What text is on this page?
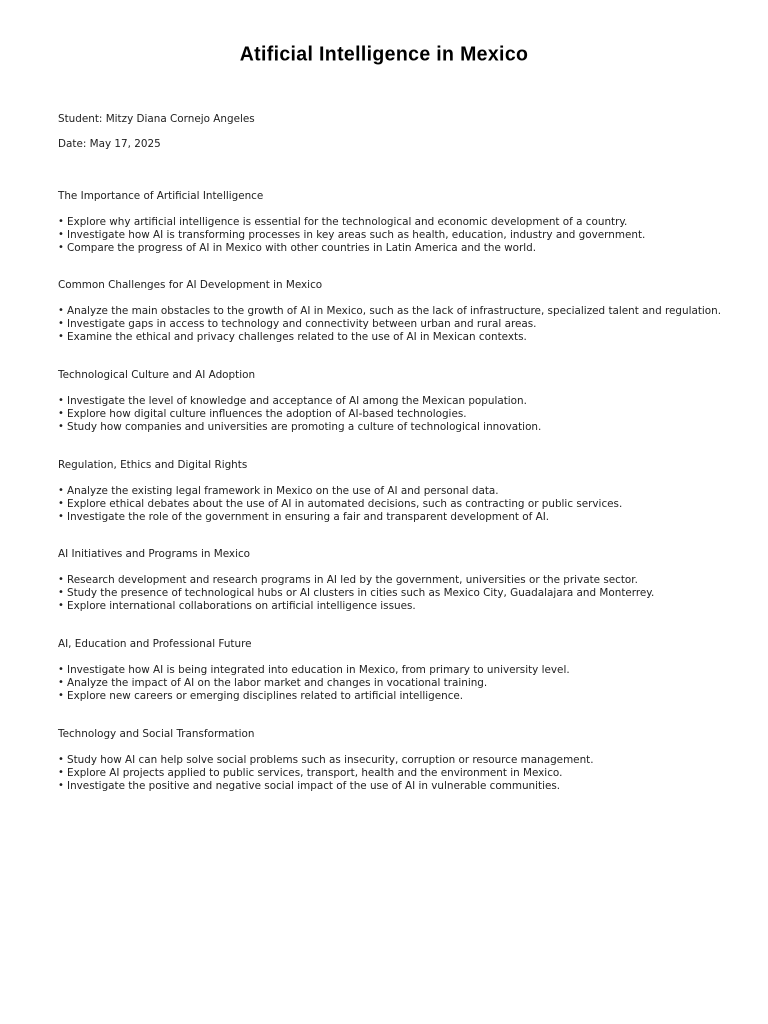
Atificial Intelligence in Mexico
Student: Mitzy Diana Cornejo Angeles
Date: May 17, 2025
The Importance of Artificial Intelligence
• Explore why artificial intelligence is essential for the technological and economic development of a country.
• Investigate how AI is transforming processes in key areas such as health, education, industry and government.
• Compare the progress of AI in Mexico with other countries in Latin America and the world.
Common Challenges for AI Development in Mexico
• Analyze the main obstacles to the growth of AI in Mexico, such as the lack of infrastructure, specialized talent and regulation.
• Investigate gaps in access to technology and connectivity between urban and rural areas.
• Examine the ethical and privacy challenges related to the use of AI in Mexican contexts.
Technological Culture and AI Adoption
• Investigate the level of knowledge and acceptance of AI among the Mexican population.
• Explore how digital culture influences the adoption of AI-based technologies.
• Study how companies and universities are promoting a culture of technological innovation.
Regulation, Ethics and Digital Rights
• Analyze the existing legal framework in Mexico on the use of AI and personal data.
• Explore ethical debates about the use of AI in automated decisions, such as contracting or public services.
• Investigate the role of the government in ensuring a fair and transparent development of AI.
AI Initiatives and Programs in Mexico
• Research development and research programs in AI led by the government, universities or the private sector.
• Study the presence of technological hubs or AI clusters in cities such as Mexico City, Guadalajara and Monterrey.
• Explore international collaborations on artificial intelligence issues.
AI, Education and Professional Future
• Investigate how AI is being integrated into education in Mexico, from primary to university level.
• Analyze the impact of AI on the labor market and changes in vocational training.
• Explore new careers or emerging disciplines related to artificial intelligence.
Technology and Social Transformation
• Study how AI can help solve social problems such as insecurity, corruption or resource management.
• Explore AI projects applied to public services, transport, health and the environment in Mexico.
• Investigate the positive and negative social impact of the use of AI in vulnerable communities.
